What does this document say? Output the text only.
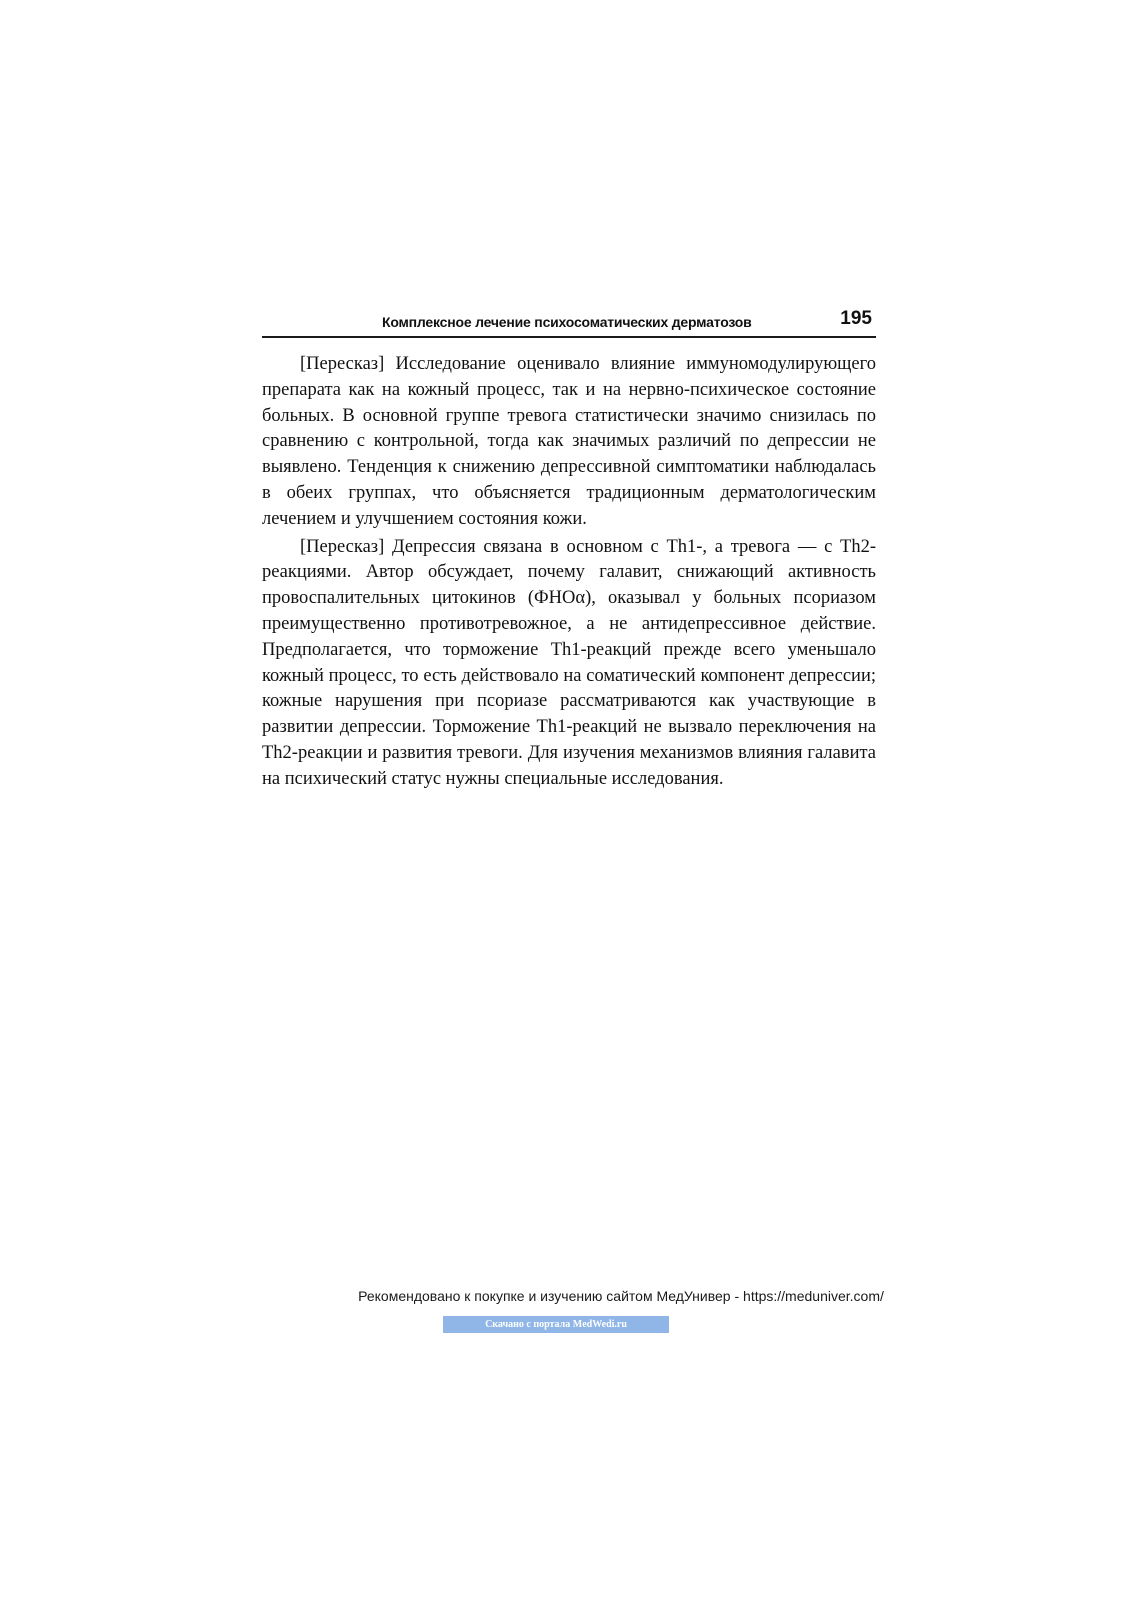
Комплексное лечение психосоматических дерматозов	195

[Пересказ] Исследование оценивало влияние иммуномодулирующего препарата как на кожный процесс, так и на нервно-психическое состояние больных. В основной группе тревога статистически значимо снизилась по сравнению с контрольной, тогда как значимых различий по депрессии не выявлено. Тенденция к снижению депрессивной симптоматики наблюдалась в обеих группах, что объясняется традиционным дерматологическим лечением и улучшением состояния кожи.

[Пересказ] Депрессия связана в основном с Th1-, а тревога — с Th2-реакциями. Автор обсуждает, почему галавит, снижающий активность провоспалительных цитокинов (ФНОα), оказывал у больных псориазом преимущественно противотревожное, а не антидепрессивное действие. Предполагается, что торможение Th1-реакций прежде всего уменьшало кожный процесс, то есть действовало на соматический компонент депрессии; кожные нарушения при псориазе рассматриваются как участвующие в развитии депрессии. Торможение Th1-реакций не вызвало переключения на Th2-реакции и развития тревоги. Для изучения механизмов влияния галавита на психический статус нужны специальные исследования.

Рекомендовано к покупке и изучению сайтом МедУнивер - https://meduniver.com/
Скачано с портала MedWedi.ru
